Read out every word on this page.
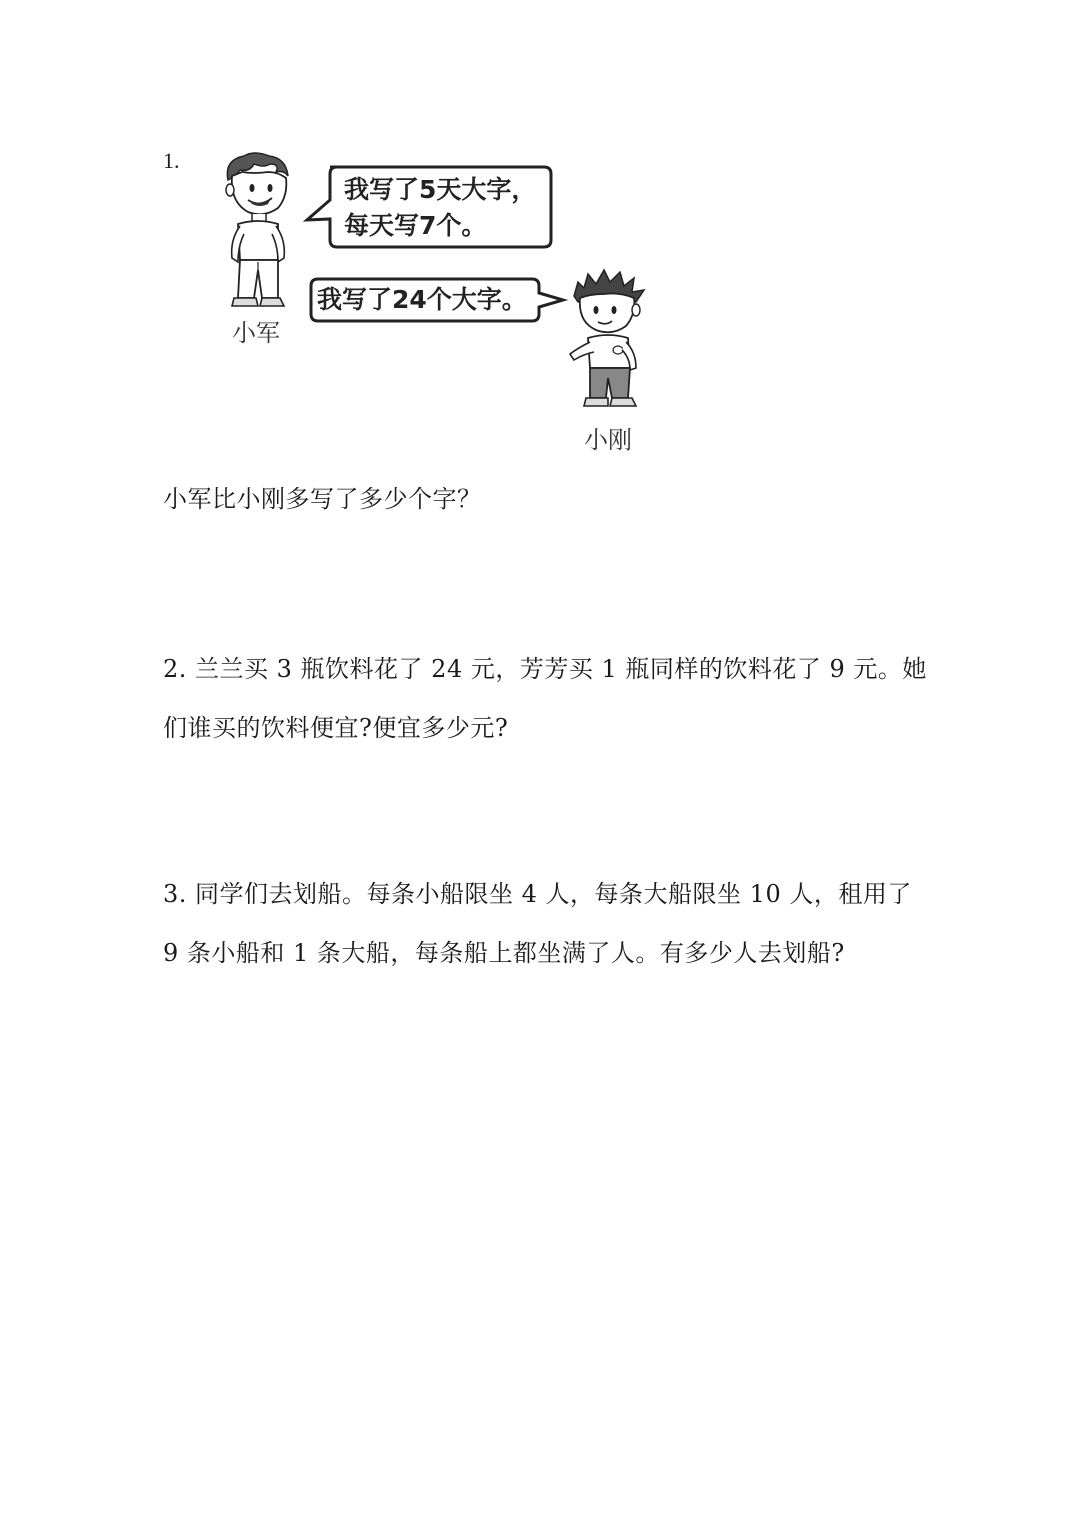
1.
我写了5天大字，
每天写7个。
小军
我写了24个大字。
小刚
小军比小刚多写了多少个字？
2. 兰兰买 3 瓶饮料花了 24 元，芳芳买 1 瓶同样的饮料花了 9 元。她
们谁买的饮料便宜?便宜多少元?
3. 同学们去划船。每条小船限坐 4 人，每条大船限坐 10 人，租用了
9 条小船和 1 条大船，每条船上都坐满了人。有多少人去划船?
